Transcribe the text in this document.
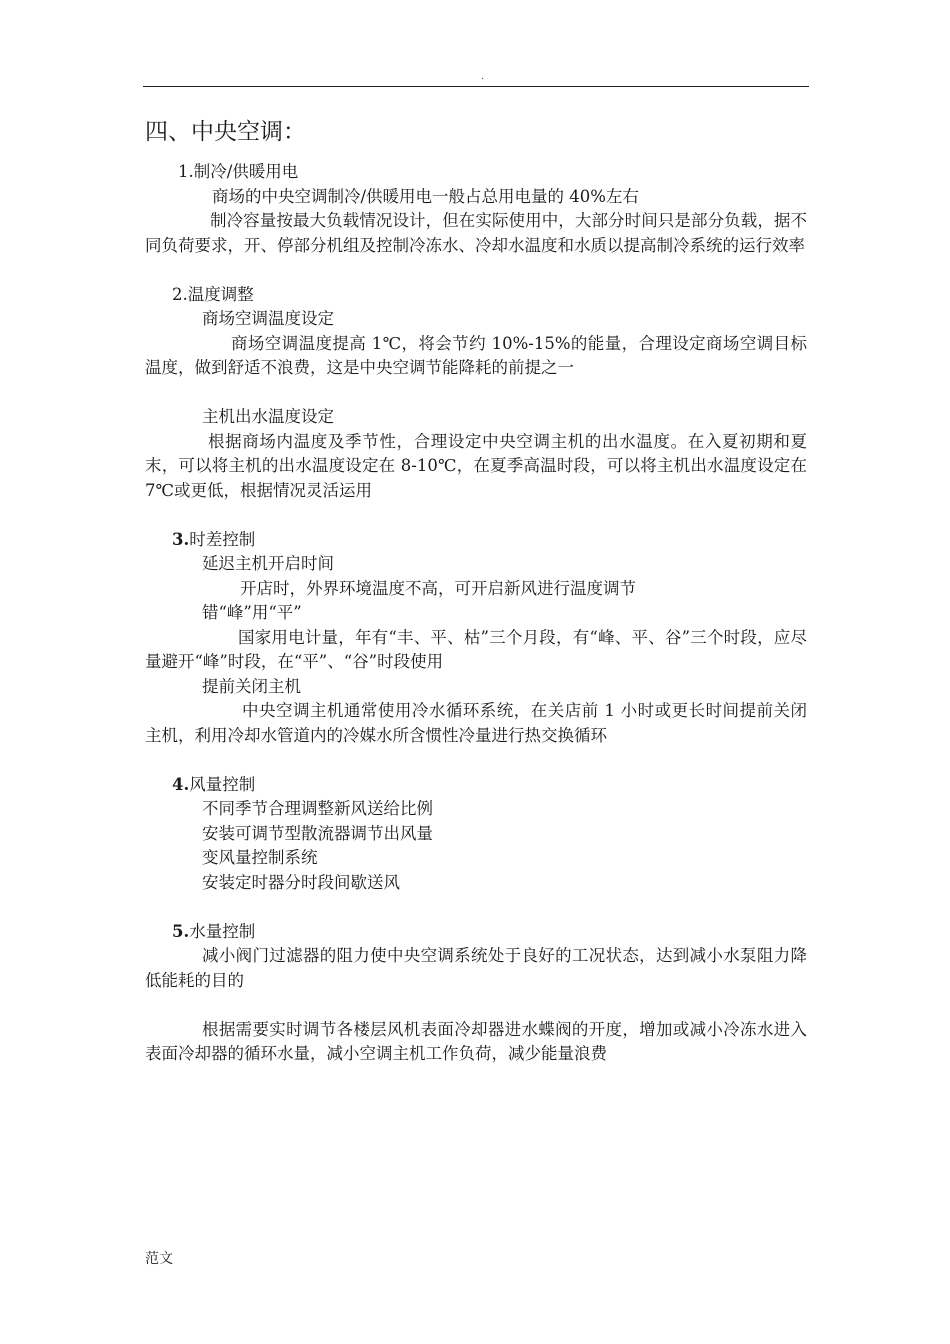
.
四、中央空调：

1.制冷/供暖用电

商场的中央空调制冷/供暖用电一般占总用电量的 40%左右

制冷容量按最大负载情况设计，但在实际使用中，大部分时间只是部分负载，据不同负荷要求，开、停部分机组及控制冷冻水、冷却水温度和水质以提高制冷系统的运行效率

2.温度调整

商场空调温度设定

商场空调温度提高 1℃，将会节约 10%-15%的能量，合理设定商场空调目标温度，做到舒适不浪费，这是中央空调节能降耗的前提之一

主机出水温度设定

根据商场内温度及季节性，合理设定中央空调主机的出水温度。在入夏初期和夏末，可以将主机的出水温度设定在 8-10℃，在夏季高温时段，可以将主机出水温度设定在 7℃或更低，根据情况灵活运用

3.时差控制

延迟主机开启时间

开店时，外界环境温度不高，可开启新风进行温度调节

错“峰”用“平”

国家用电计量，年有“丰、平、枯”三个月段，有“峰、平、谷”三个时段，应尽量避开“峰”时段，在“平”、“谷”时段使用

提前关闭主机

中央空调主机通常使用冷水循环系统，在关店前 1 小时或更长时间提前关闭主机，利用冷却水管道内的冷媒水所含惯性冷量进行热交换循环

4.风量控制

不同季节合理调整新风送给比例

安装可调节型散流器调节出风量

变风量控制系统

安装定时器分时段间歇送风

5.水量控制

减小阀门过滤器的阻力使中央空调系统处于良好的工况状态，达到减小水泵阻力降低能耗的目的

根据需要实时调节各楼层风机表面冷却器进水蝶阀的开度，增加或减小冷冻水进入表面冷却器的循环水量，减小空调主机工作负荷，减少能量浪费

范文
